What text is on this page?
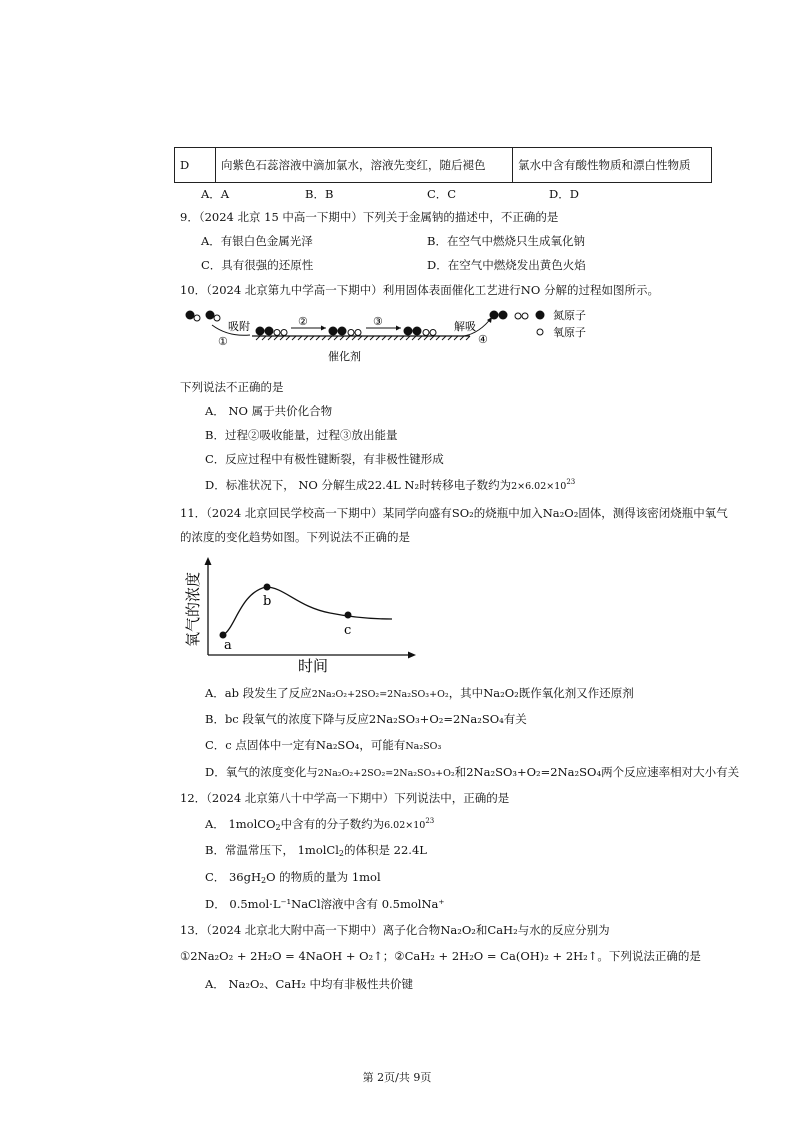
D	向紫色石蕊溶液中滴加氯水，溶液先变红，随后褪色	氯水中含有酸性物质和漂白性物质
A．A	B．B	C．C	D．D
9．（2024 北京 15 中高一下期中）下列关于金属钠的描述中，不正确的是
A．有银白色金属光泽	B．在空气中燃烧只生成氧化钠
C．具有很强的还原性	D．在空气中燃烧发出黄色火焰
10．（2024 北京第九中学高一下期中）利用固体表面催化工艺进行NO 分解的过程如图所示。
吸附
①
②	③	解吸
④
氮原子
氧原子
催化剂
下列说法不正确的是
A． NO 属于共价化合物
B．过程②吸收能量，过程③放出能量
C．反应过程中有极性键断裂，有非极性键形成
D．标准状况下， NO 分解生成22.4L N₂时转移电子数约为$2\times 6.02\times 10^{23}$
11．（2024 北京回民学校高一下期中）某同学向盛有SO₂的烧瓶中加入Na₂O₂固体，测得该密闭烧瓶中氧气
的浓度的变化趋势如图。下列说法不正确的是
氧气的浓度
时间
a
b
c
A．ab 段发生了反应2Na₂O₂+2SO₂=2Na₂SO₃+O₂，其中Na₂O₂既作氧化剂又作还原剂
B．bc 段氧气的浓度下降与反应2Na₂SO₃+O₂=2Na₂SO₄有关
C．c 点固体中一定有Na₂SO₄，可能有Na₂SO₃
D．氧气的浓度变化与2Na₂O₂+2SO₂=2Na₂SO₃+O₂和2Na₂SO₃+O₂=2Na₂SO₄两个反应速率相对大小有关
12．（2024 北京第八十中学高一下期中）下列说法中，正确的是
A． 1molCO$_2$中含有的分子数约为$6.02\times 10^{23}$
B．常温常压下， 1molCl$_2$的体积是 22.4L
C． $36gH_2O$ 的物质的量为 1mol
D． 0.5mol·L⁻¹NaCl溶液中含有 0.5molNa⁺
13．（2024 北京北大附中高一下期中）离子化合物Na₂O₂和CaH₂与水的反应分别为
①2Na₂O₂ + 2H₂O = 4NaOH + O₂↑；②CaH₂ + 2H₂O = Ca(OH)₂ + 2H₂↑。下列说法正确的是
A． Na₂O₂、CaH₂ 中均有非极性共价键
第 2页/共 9页
